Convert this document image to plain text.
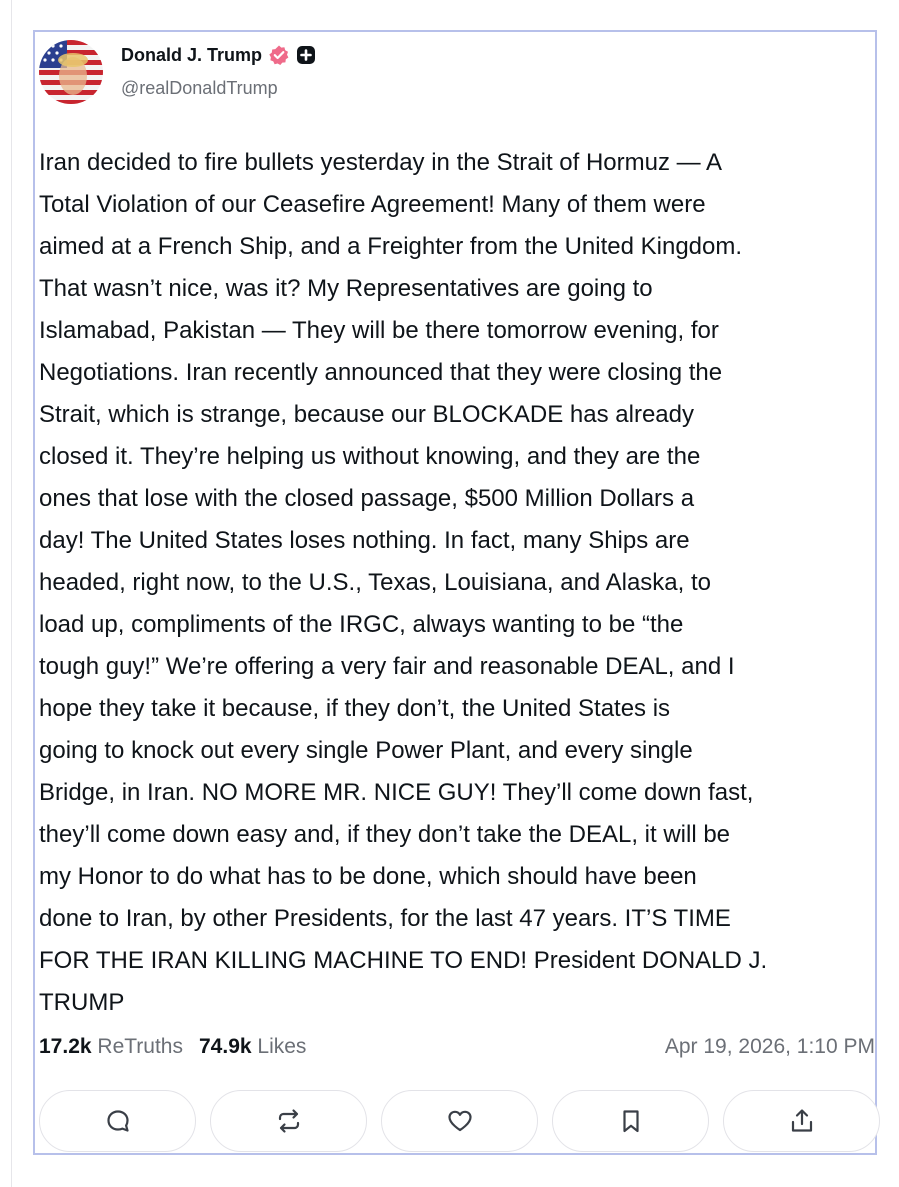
Donald J. Trump
@realDonaldTrump

Iran decided to fire bullets yesterday in the Strait of Hormuz — A
Total Violation of our Ceasefire Agreement! Many of them were
aimed at a French Ship, and a Freighter from the United Kingdom.
That wasn’t nice, was it? My Representatives are going to
Islamabad, Pakistan — They will be there tomorrow evening, for
Negotiations. Iran recently announced that they were closing the
Strait, which is strange, because our BLOCKADE has already
closed it. They’re helping us without knowing, and they are the
ones that lose with the closed passage, $500 Million Dollars a
day! The United States loses nothing. In fact, many Ships are
headed, right now, to the U.S., Texas, Louisiana, and Alaska, to
load up, compliments of the IRGC, always wanting to be “the
tough guy!” We’re offering a very fair and reasonable DEAL, and I
hope they take it because, if they don’t, the United States is
going to knock out every single Power Plant, and every single
Bridge, in Iran. NO MORE MR. NICE GUY! They’ll come down fast,
they’ll come down easy and, if they don’t take the DEAL, it will be
my Honor to do what has to be done, which should have been
done to Iran, by other Presidents, for the last 47 years. IT’S TIME
FOR THE IRAN KILLING MACHINE TO END! President DONALD J.
TRUMP

17.2k ReTruths 74.9k Likes	Apr 19, 2026, 1:10 PM
